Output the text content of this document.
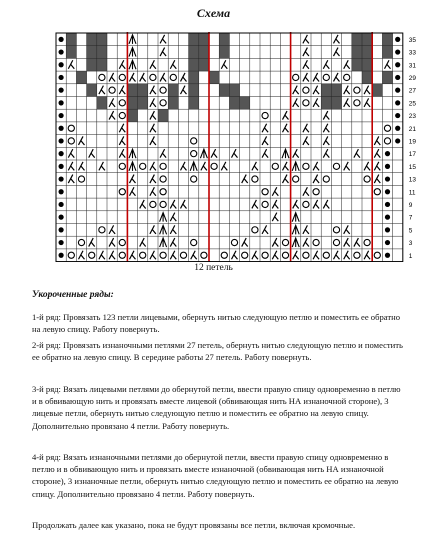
Схема
35
33
31
29
27
25
23
21
19
17
15
13
11
9
7
5
3
1
12 петель
Укороченные ряды:

1-й ряд: Провязать 123 петли лицевыми, обернуть нитью следующую петлю и поместить ее обратно на левую спицу. Работу повернуть.

2-й ряд: Провязать изнаночными петлями 27 петель, обернуть нитью следующую петлю и поместить ее обратно на левую спицу. В середине работы 27 петель. Работу повернуть.

3-й ряд: Вязать лицевыми петлями до обернутой петли, ввести правую спицу одновременно в петлю и в обвивающую нить и провязать вместе лицевой (обвивающая нить НА изнаночной стороне), 3 лицевые петли, обернуть нитью следующую петлю и поместить ее обратно на левую спицу. Дополнительно провязано 4 петли. Работу повернуть.

4-й ряд: Вязать изнаночными петлями до обернутой петли, ввести правую спицу одновременно в петлю и в обвивающую нить и провязать вместе изнаночной (обвивающая нить НА изнаночной стороне), 3 изнаночные петли, обернуть нитью следующую петлю и поместить ее обратно на левую спицу. Дополнительно провязано 4 петли. Работу повернуть.

Продолжать далее как указано, пока не будут провязаны все петли, включая кромочные.
